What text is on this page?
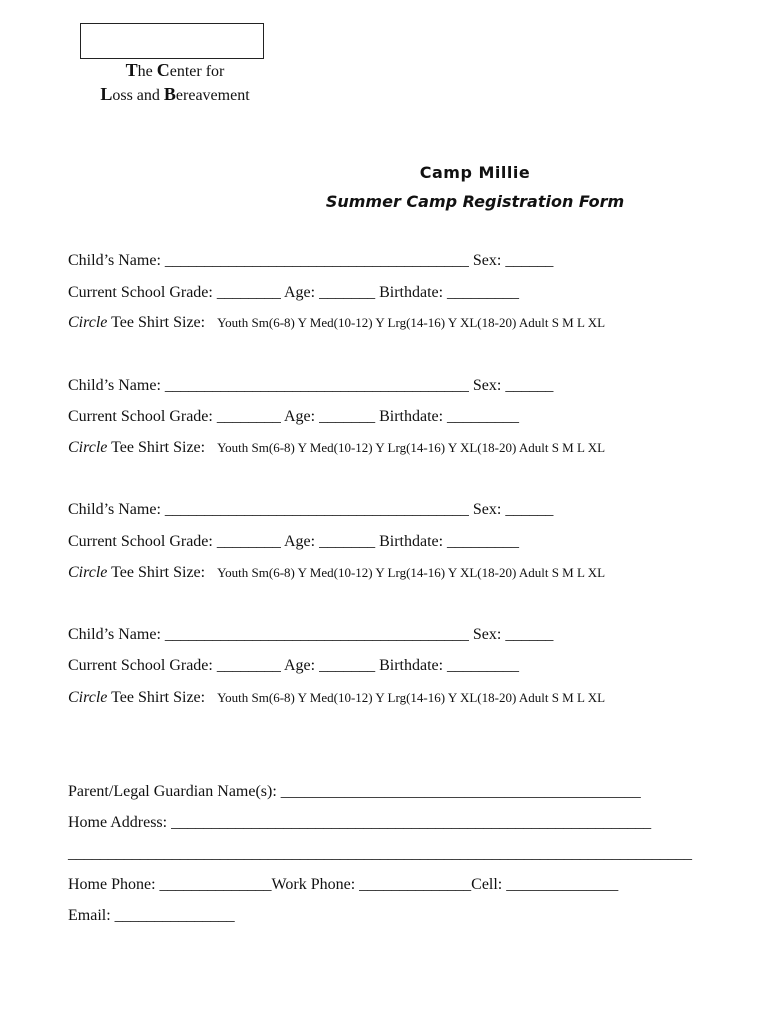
The Center for
Loss and Bereavement
Camp Millie
Summer Camp Registration Form
Child’s Name: ______________________________________ Sex: ______
Current School Grade: ________ Age: _______ Birthdate: _________
Circle Tee Shirt Size: Youth Sm(6-8) Y Med(10-12) Y Lrg(14-16) Y XL(18-20) Adult S M L XL
Child’s Name: ______________________________________ Sex: ______
Current School Grade: ________ Age: _______ Birthdate: _________
Circle Tee Shirt Size: Youth Sm(6-8) Y Med(10-12) Y Lrg(14-16) Y XL(18-20) Adult S M L XL
Child’s Name: ______________________________________ Sex: ______
Current School Grade: ________ Age: _______ Birthdate: _________
Circle Tee Shirt Size: Youth Sm(6-8) Y Med(10-12) Y Lrg(14-16) Y XL(18-20) Adult S M L XL
Child’s Name: ______________________________________ Sex: ______
Current School Grade: ________ Age: _______ Birthdate: _________
Circle Tee Shirt Size: Youth Sm(6-8) Y Med(10-12) Y Lrg(14-16) Y XL(18-20) Adult S M L XL
Parent/Legal Guardian Name(s): _____________________________________________
Home Address: ____________________________________________________________
______________________________________________________________________________
Home Phone: ______________Work Phone: ______________Cell: ______________
Email: _______________
